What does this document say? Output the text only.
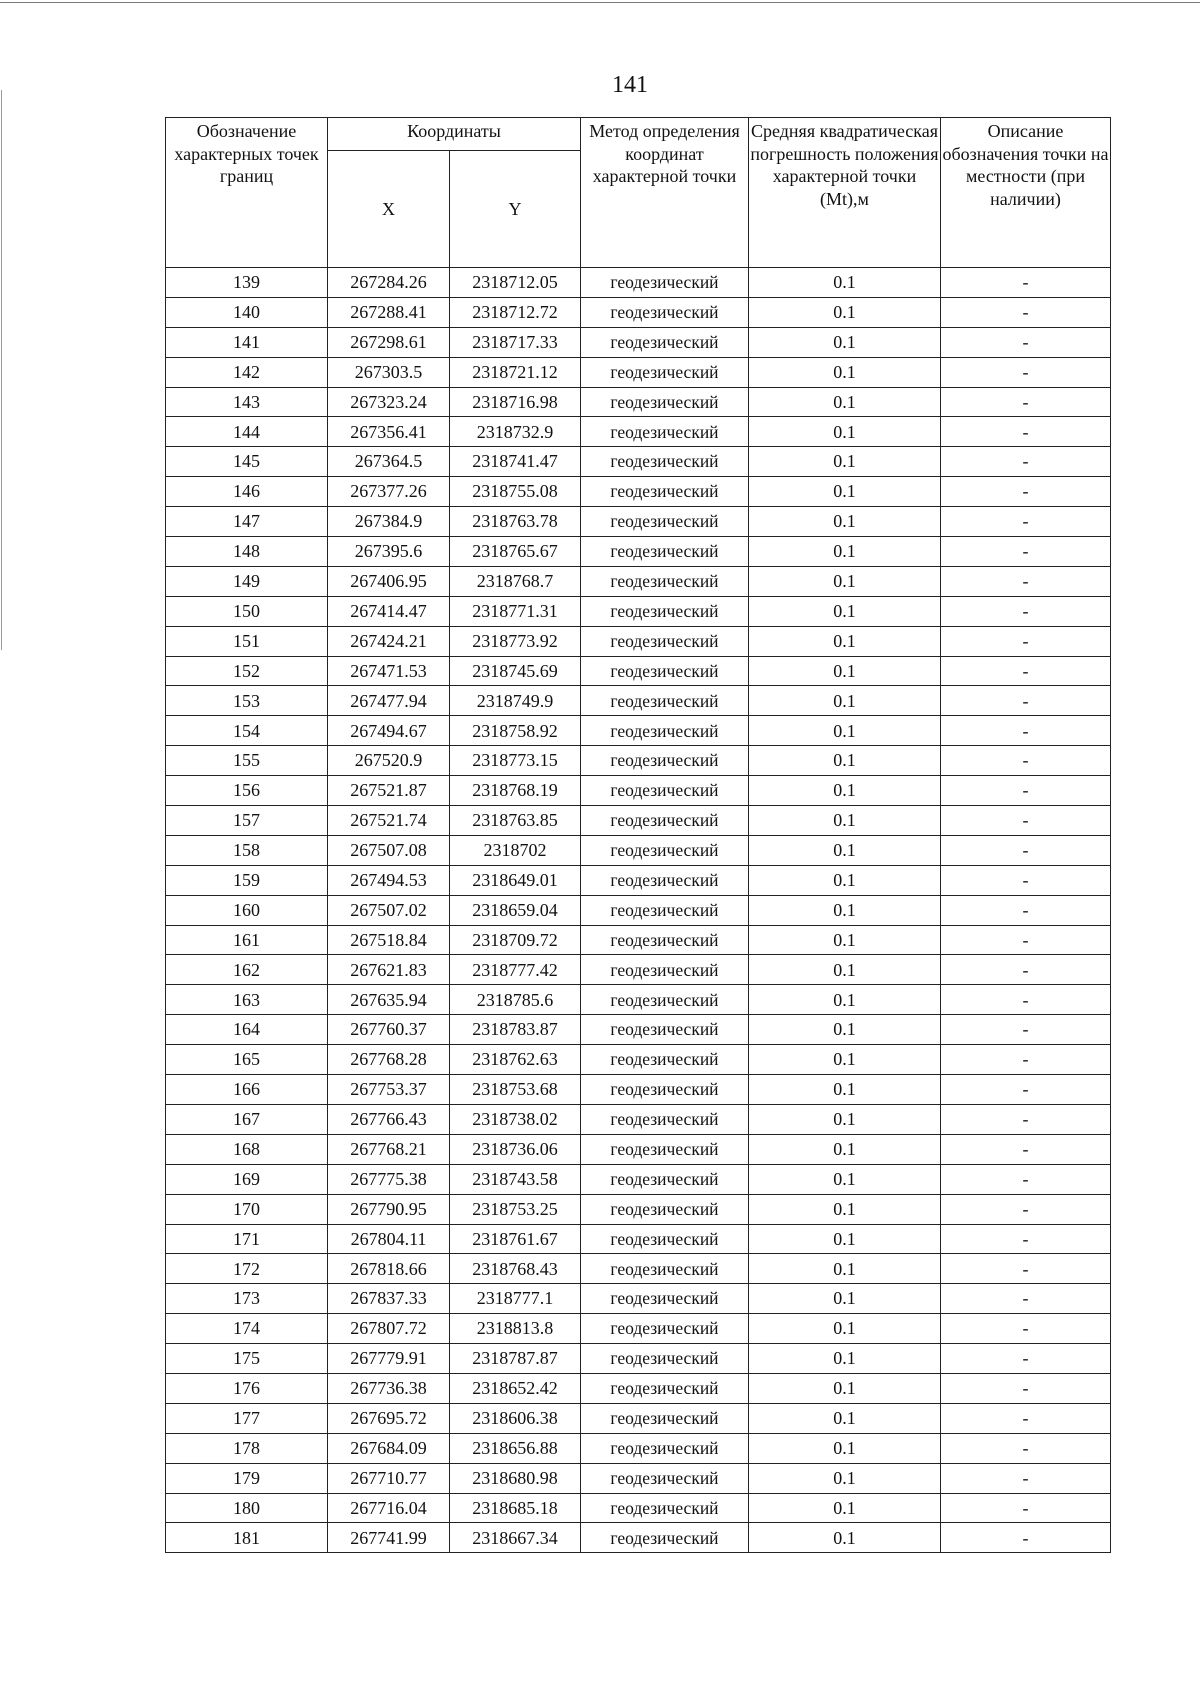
141
Обозначение характерных точек границ	Координаты		Метод определения координат характерной точки	Средняя квадратическая погрешность положения характерной точки (Mt),м	Описание обозначения точки на местности (при наличии)
	X	Y			
139	267284.26	2318712.05	геодезический	0.1	-
140	267288.41	2318712.72	геодезический	0.1	-
141	267298.61	2318717.33	геодезический	0.1	-
142	267303.5	2318721.12	геодезический	0.1	-
143	267323.24	2318716.98	геодезический	0.1	-
144	267356.41	2318732.9	геодезический	0.1	-
145	267364.5	2318741.47	геодезический	0.1	-
146	267377.26	2318755.08	геодезический	0.1	-
147	267384.9	2318763.78	геодезический	0.1	-
148	267395.6	2318765.67	геодезический	0.1	-
149	267406.95	2318768.7	геодезический	0.1	-
150	267414.47	2318771.31	геодезический	0.1	-
151	267424.21	2318773.92	геодезический	0.1	-
152	267471.53	2318745.69	геодезический	0.1	-
153	267477.94	2318749.9	геодезический	0.1	-
154	267494.67	2318758.92	геодезический	0.1	-
155	267520.9	2318773.15	геодезический	0.1	-
156	267521.87	2318768.19	геодезический	0.1	-
157	267521.74	2318763.85	геодезический	0.1	-
158	267507.08	2318702	геодезический	0.1	-
159	267494.53	2318649.01	геодезический	0.1	-
160	267507.02	2318659.04	геодезический	0.1	-
161	267518.84	2318709.72	геодезический	0.1	-
162	267621.83	2318777.42	геодезический	0.1	-
163	267635.94	2318785.6	геодезический	0.1	-
164	267760.37	2318783.87	геодезический	0.1	-
165	267768.28	2318762.63	геодезический	0.1	-
166	267753.37	2318753.68	геодезический	0.1	-
167	267766.43	2318738.02	геодезический	0.1	-
168	267768.21	2318736.06	геодезический	0.1	-
169	267775.38	2318743.58	геодезический	0.1	-
170	267790.95	2318753.25	геодезический	0.1	-
171	267804.11	2318761.67	геодезический	0.1	-
172	267818.66	2318768.43	геодезический	0.1	-
173	267837.33	2318777.1	геодезический	0.1	-
174	267807.72	2318813.8	геодезический	0.1	-
175	267779.91	2318787.87	геодезический	0.1	-
176	267736.38	2318652.42	геодезический	0.1	-
177	267695.72	2318606.38	геодезический	0.1	-
178	267684.09	2318656.88	геодезический	0.1	-
179	267710.77	2318680.98	геодезический	0.1	-
180	267716.04	2318685.18	геодезический	0.1	-
181	267741.99	2318667.34	геодезический	0.1	-
